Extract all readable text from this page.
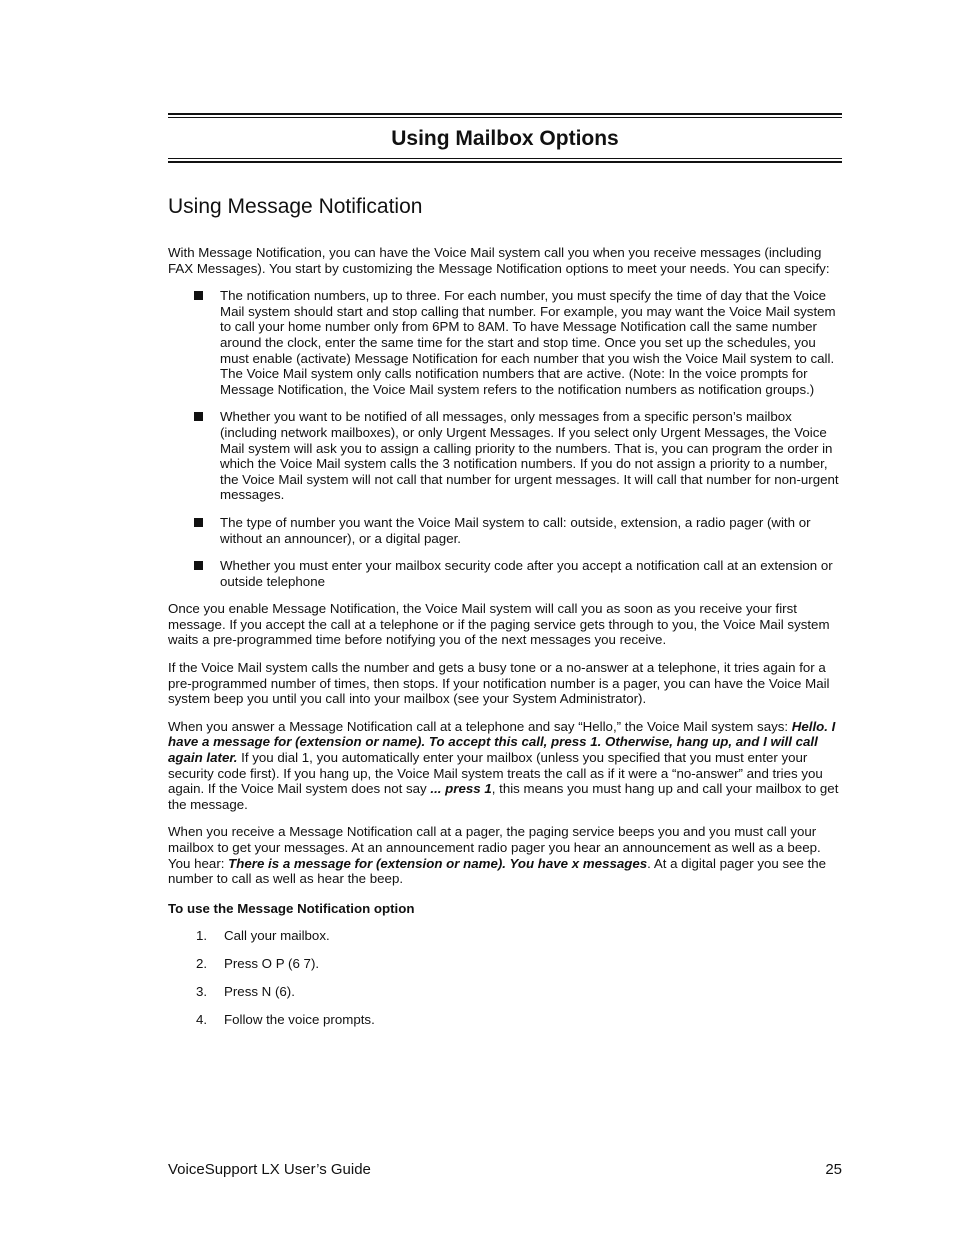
Using Mailbox Options
Using Message Notification

With Message Notification, you can have the Voice Mail system call you when you receive messages (including FAX Messages). You start by customizing the Message Notification options to meet your needs. You can specify:

The notification numbers, up to three. For each number, you must specify the time of day that the Voice Mail system should start and stop calling that number. For example, you may want the Voice Mail system to call your home number only from 6PM to 8AM. To have Message Notification call the same number around the clock, enter the same time for the start and stop time. Once you set up the schedules, you must enable (activate) Message Notification for each number that you wish the Voice Mail system to call. The Voice Mail system only calls notification numbers that are active. (Note: In the voice prompts for Message Notification, the Voice Mail system refers to the notification numbers as notification groups.)
Whether you want to be notified of all messages, only messages from a specific person’s mailbox (including network mailboxes), or only Urgent Messages. If you select only Urgent Messages, the Voice Mail system will ask you to assign a calling priority to the numbers. That is, you can program the order in which the Voice Mail system calls the 3 notification numbers. If you do not assign a priority to a number, the Voice Mail system will not call that number for urgent messages. It will call that number for non-urgent messages.
The type of number you want the Voice Mail system to call: outside, extension, a radio pager (with or without an announcer), or a digital pager.
Whether you must enter your mailbox security code after you accept a notification call at an extension or outside telephone

Once you enable Message Notification, the Voice Mail system will call you as soon as you receive your first message. If you accept the call at a telephone or if the paging service gets through to you, the Voice Mail system waits a pre-programmed time before notifying you of the next messages you receive.

If the Voice Mail system calls the number and gets a busy tone or a no-answer at a telephone, it tries again for a pre-programmed number of times, then stops. If your notification number is a pager, you can have the Voice Mail system beep you until you call into your mailbox (see your System Administrator).

When you answer a Message Notification call at a telephone and say “Hello,” the Voice Mail system says: Hello. I have a message for (extension or name). To accept this call, press 1. Otherwise, hang up, and I will call again later. If you dial 1, you automatically enter your mailbox (unless you specified that you must enter your security code first). If you hang up, the Voice Mail system treats the call as if it were a “no-answer” and tries you again. If the Voice Mail system does not say ... press 1, this means you must hang up and call your mailbox to get the message.

When you receive a Message Notification call at a pager, the paging service beeps you and you must call your mailbox to get your messages. At an announcement radio pager you hear an announcement as well as a beep. You hear: There is a message for (extension or name). You have x messages. At a digital pager you see the number to call as well as hear the beep.

To use the Message Notification option
1. Call your mailbox.
2. Press O P (6 7).
3. Press N (6).
4. Follow the voice prompts.
VoiceSupport LX User’s Guide	25
